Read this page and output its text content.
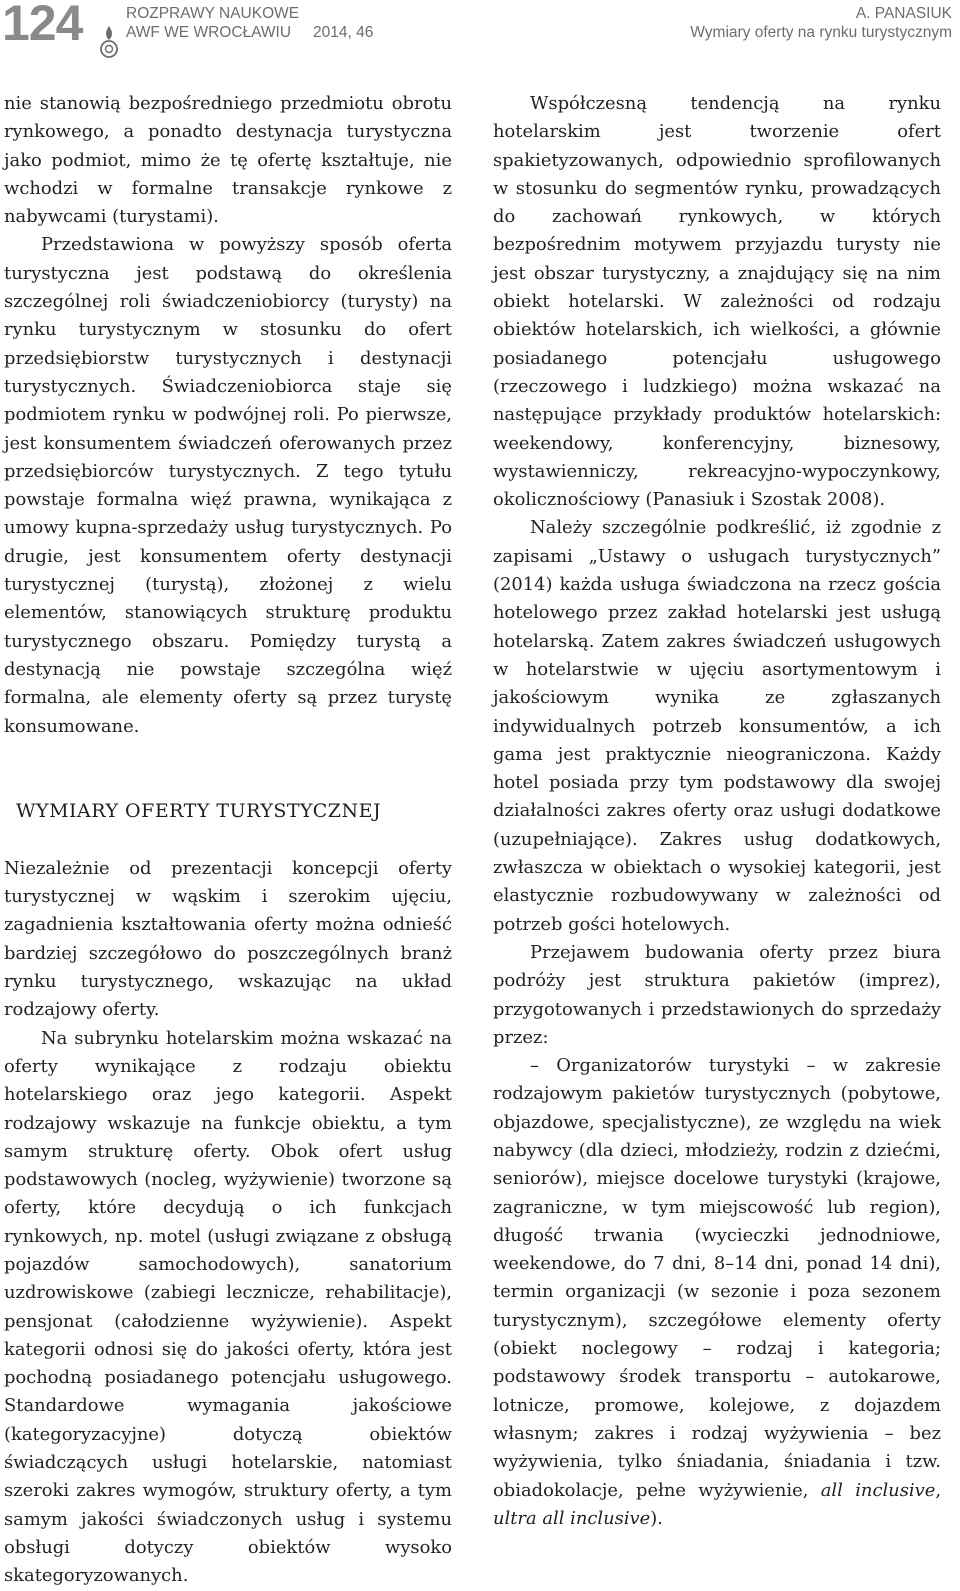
124	ROZPRAWY NAUKOWE
AWF WE WROCŁAWIU 2014, 46
A. PANASIUK
Wymiary oferty na rynku turystycznym

nie stanowią bezpośredniego przedmiotu obrotu rynkowego, a ponadto destynacja turystyczna jako podmiot, mimo że tę ofertę kształtuje, nie wchodzi w formalne transakcje rynkowe z nabywcami (turystami).

Przedstawiona w powyższy sposób oferta turystyczna jest podstawą do określenia szczególnej roli świadczeniobiorcy (turysty) na rynku turystycznym w stosunku do ofert przedsiębiorstw turystycznych i destynacji turystycznych. Świadczeniobiorca staje się podmiotem rynku w podwójnej roli. Po pierwsze, jest konsumentem świadczeń oferowanych przez przedsiębiorców turystycznych. Z tego tytułu powstaje formalna więź prawna, wynikająca z umowy kupna-sprzedaży usług turystycznych. Po drugie, jest konsumentem oferty destynacji turystycznej (turystą), złożonej z wielu elementów, stanowiących strukturę produktu turystycznego obszaru. Pomiędzy turystą a destynacją nie powstaje szczególna więź formalna, ale elementy oferty są przez turystę konsumowane.

WYMIARY OFERTY TURYSTYCZNEJ

Niezależnie od prezentacji koncepcji oferty turystycznej w wąskim i szerokim ujęciu, zagadnienia kształtowania oferty można odnieść bardziej szczegółowo do poszczególnych branż rynku turystycznego, wskazując na układ rodzajowy oferty.

Na subrynku hotelarskim można wskazać na oferty wynikające z rodzaju obiektu hotelarskiego oraz jego kategorii. Aspekt rodzajowy wskazuje na funkcje obiektu, a tym samym strukturę oferty. Obok ofert usług podstawowych (nocleg, wyżywienie) tworzone są oferty, które decydują o ich funkcjach rynkowych, np. motel (usługi związane z obsługą pojazdów samochodowych), sanatorium uzdrowiskowe (zabiegi lecznicze, rehabilitacje), pensjonat (całodzienne wyżywienie). Aspekt kategorii odnosi się do jakości oferty, która jest pochodną posiadanego potencjału usługowego. Standardowe wymagania jakościowe (kategoryzacyjne) dotyczą obiektów świadczących usługi hotelarskie, natomiast szeroki zakres wymogów, struktury oferty, a tym samym jakości świadczonych usług i systemu obsługi dotyczy obiektów wysoko skategoryzowanych.

Współczesną tendencją na rynku hotelarskim jest tworzenie ofert spakietyzowanych, odpowiednio sprofilowanych w stosunku do segmentów rynku, prowadzących do zachowań rynkowych, w których bezpośrednim motywem przyjazdu turysty nie jest obszar turystyczny, a znajdujący się na nim obiekt hotelarski. W zależności od rodzaju obiektów hotelarskich, ich wielkości, a głównie posiadanego potencjału usługowego (rzeczowego i ludzkiego) można wskazać na następujące przykłady produktów hotelarskich: weekendowy, konferencyjny, biznesowy, wystawienniczy, rekreacyjno-wypoczynkowy, okolicznościowy (Panasiuk i Szostak 2008).

Należy szczególnie podkreślić, iż zgodnie z zapisami „Ustawy o usługach turystycznych” (2014) każda usługa świadczona na rzecz gościa hotelowego przez zakład hotelarski jest usługą hotelarską. Zatem zakres świadczeń usługowych w hotelarstwie w ujęciu asortymentowym i jakościowym wynika ze zgłaszanych indywidualnych potrzeb konsumentów, a ich gama jest praktycznie nieograniczona. Każdy hotel posiada przy tym podstawowy dla swojej działalności zakres oferty oraz usługi dodatkowe (uzupełniające). Zakres usług dodatkowych, zwłaszcza w obiektach o wysokiej kategorii, jest elastycznie rozbudowywany w zależności od potrzeb gości hotelowych.

Przejawem budowania oferty przez biura podróży jest struktura pakietów (imprez), przygotowanych i przedstawionych do sprzedaży przez:

– Organizatorów turystyki – w zakresie rodzajowym pakietów turystycznych (pobytowe, objazdowe, specjalistyczne), ze względu na wiek nabywcy (dla dzieci, młodzieży, rodzin z dziećmi, seniorów), miejsce docelowe turystyki (krajowe, zagraniczne, w tym miejscowość lub region), długość trwania (wycieczki jednodniowe, weekendowe, do 7 dni, 8–14 dni, ponad 14 dni), termin organizacji (w sezonie i poza sezonem turystycznym), szczegółowe elementy oferty (obiekt noclegowy – rodzaj i kategoria; podstawowy środek transportu – autokarowe, lotnicze, promowe, kolejowe, z dojazdem własnym; zakres i rodzaj wyżywienia – bez wyżywienia, tylko śniadania, śniadania i tzw. obiadokolacje, pełne wyżywienie, all inclusive, ultra all inclusive).
